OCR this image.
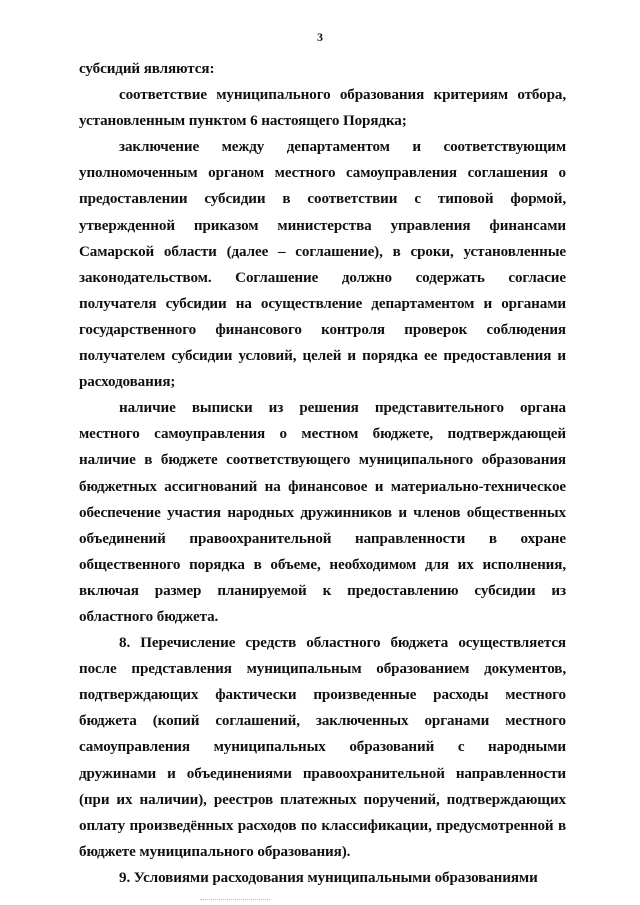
3

субсидий являются:

соответствие муниципального образования критериям отбора, установленным пунктом 6 настоящего Порядка;

заключение между департаментом и соответствующим уполномоченным органом местного самоуправления соглашения о предоставлении субсидии в соответствии с типовой формой, утвержденной приказом министерства управления финансами Самарской области (далее – соглашение), в сроки, установленные законодательством. Соглашение должно содержать согласие получателя субсидии на осуществление департаментом и органами государственного финансового контроля проверок соблюдения получателем субсидии условий, целей и порядка ее предоставления и расходования;

наличие выписки из решения представительного органа местного самоуправления о местном бюджете, подтверждающей наличие в бюджете соответствующего муниципального образования бюджетных ассигнований на финансовое и материально-техническое обеспечение участия народных дружинников и членов общественных объединений правоохранительной направленности в охране общественного порядка в объеме, необходимом для их исполнения, включая размер планируемой к предоставлению субсидии из областного бюджета.

8. Перечисление средств областного бюджета осуществляется после представления муниципальным образованием документов, подтверждающих фактически произведенные расходы местного бюджета (копий соглашений, заключенных органами местного самоуправления муниципальных образований с народными дружинами и объединениями правоохранительной направленности (при их наличии), реестров платежных поручений, подтверждающих оплату произведённых расходов по классификации, предусмотренной в бюджете муниципального образования).

9. Условиями расходования муниципальными образованиями
